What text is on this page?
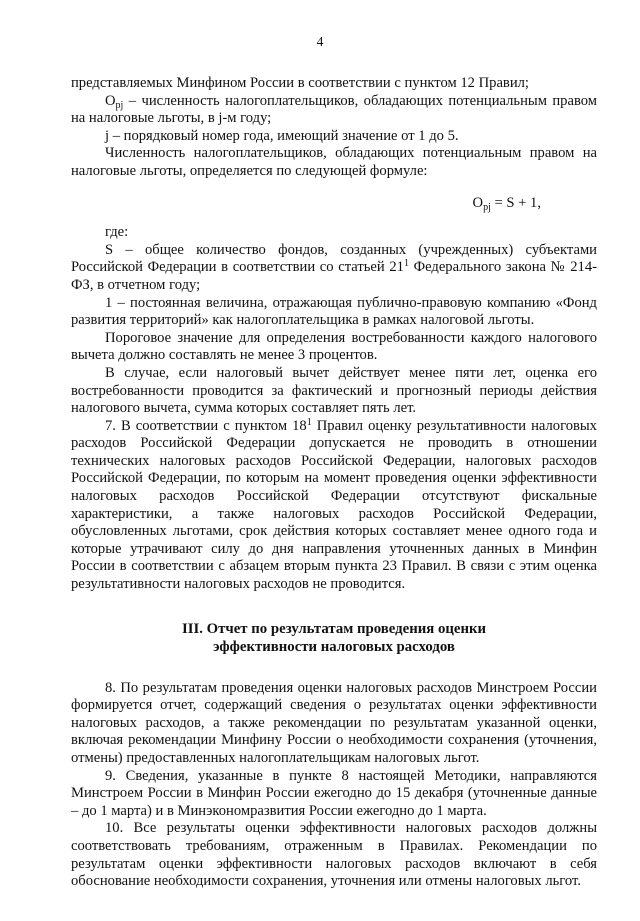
4

представляемых Минфином России в соответствии с пунктом 12 Правил;

$О_{pj}$ – численность налогоплательщиков, обладающих потенциальным правом на налоговые льготы, в j-м году;

j – порядковый номер года, имеющий значение от 1 до 5.

Численность налогоплательщиков, обладающих потенциальным правом на налоговые льготы, определяется по следующей формуле:

$О_{pj} = S + 1$,

где:

S – общее количество фондов, созданных (учрежденных) субъектами Российской Федерации в соответствии со статьей $21^1$ Федерального закона № 214-ФЗ, в отчетном году;

1 – постоянная величина, отражающая публично-правовую компанию «Фонд развития территорий» как налогоплательщика в рамках налоговой льготы.

Пороговое значение для определения востребованности каждого налогового вычета должно составлять не менее 3 процентов.

В случае, если налоговый вычет действует менее пяти лет, оценка его востребованности проводится за фактический и прогнозный периоды действия налогового вычета, сумма которых составляет пять лет.

7. В соответствии с пунктом $18^1$ Правил оценку результативности налоговых расходов Российской Федерации допускается не проводить в отношении технических налоговых расходов Российской Федерации, налоговых расходов Российской Федерации, по которым на момент проведения оценки эффективности налоговых расходов Российской Федерации отсутствуют фискальные характеристики, а также налоговых расходов Российской Федерации, обусловленных льготами, срок действия которых составляет менее одного года и которые утрачивают силу до дня направления уточненных данных в Минфин России в соответствии с абзацем вторым пункта 23 Правил. В связи с этим оценка результативности налоговых расходов не проводится.

III. Отчет по результатам проведения оценки
эффективности налоговых расходов

8. По результатам проведения оценки налоговых расходов Минстроем России формируется отчет, содержащий сведения о результатах оценки эффективности налоговых расходов, а также рекомендации по результатам указанной оценки, включая рекомендации Минфину России о необходимости сохранения (уточнения, отмены) предоставленных налогоплательщикам налоговых льгот.

9. Сведения, указанные в пункте 8 настоящей Методики, направляются Минстроем России в Минфин России ежегодно до 15 декабря (уточненные данные – до 1 марта) и в Минэкономразвития России ежегодно до 1 марта.

10. Все результаты оценки эффективности налоговых расходов должны соответствовать требованиям, отраженным в Правилах. Рекомендации по результатам оценки эффективности налоговых расходов включают в себя обоснование необходимости сохранения, уточнения или отмены налоговых льгот.
